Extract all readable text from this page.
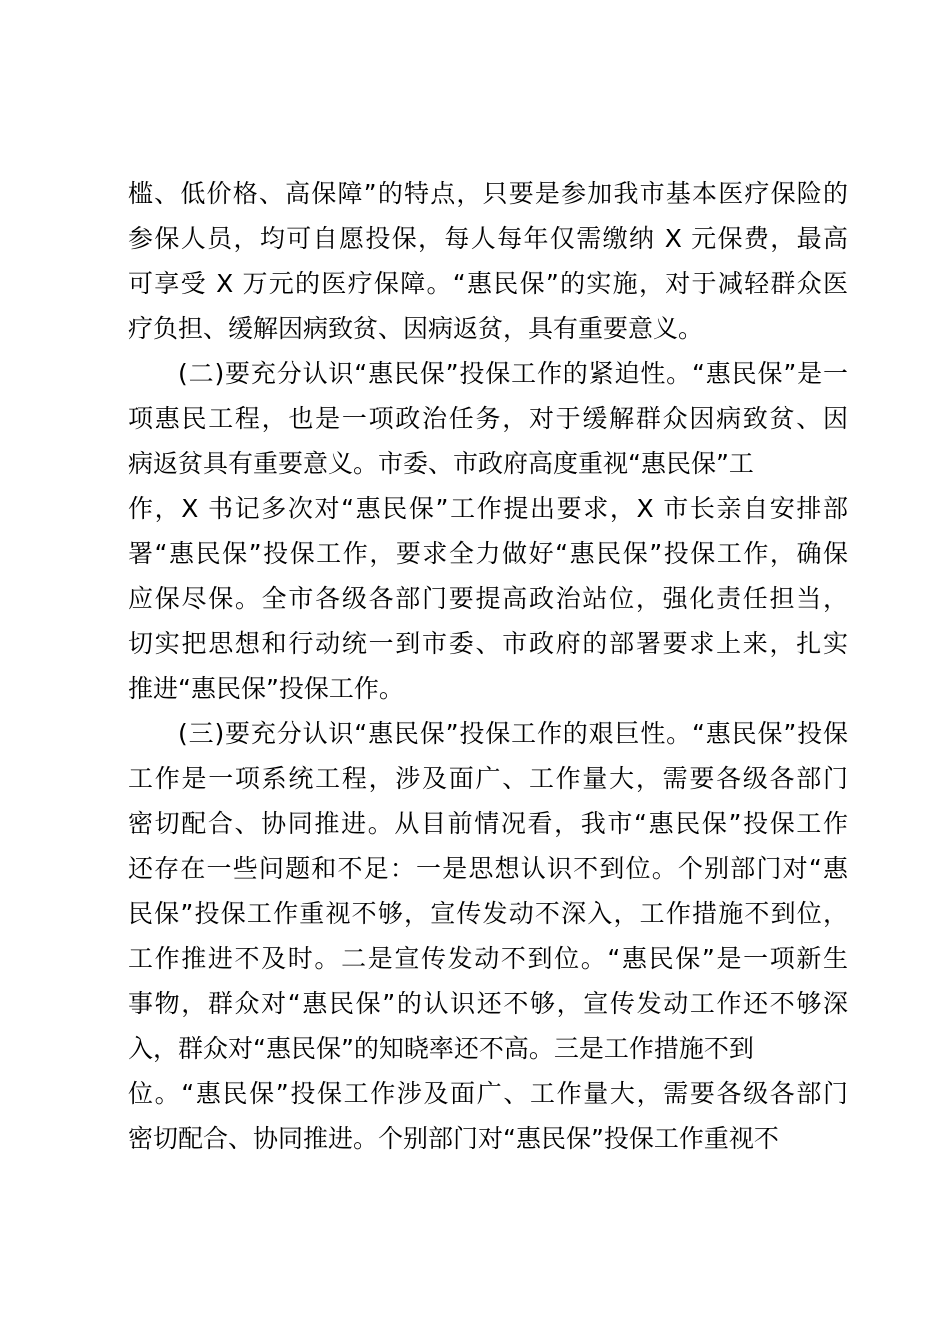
槛、低价格、高保障”的特点，只要是参加我市基本医疗保险的
参保人员，均可自愿投保，每人每年仅需缴纳 X 元保费，最高
可享受 X 万元的医疗保障。“惠民保”的实施，对于减轻群众医
疗负担、缓解因病致贫、因病返贫，具有重要意义。
(二)要充分认识“惠民保”投保工作的紧迫性。“惠民保”是一
项惠民工程，也是一项政治任务，对于缓解群众因病致贫、因
病返贫具有重要意义。市委、市政府高度重视“惠民保”工
作，X 书记多次对“惠民保”工作提出要求，X 市长亲自安排部
署“惠民保”投保工作，要求全力做好“惠民保”投保工作，确保
应保尽保。全市各级各部门要提高政治站位，强化责任担当，
切实把思想和行动统一到市委、市政府的部署要求上来，扎实
推进“惠民保”投保工作。
(三)要充分认识“惠民保”投保工作的艰巨性。“惠民保”投保
工作是一项系统工程，涉及面广、工作量大，需要各级各部门
密切配合、协同推进。从目前情况看，我市“惠民保”投保工作
还存在一些问题和不足：一是思想认识不到位。个别部门对“惠
民保”投保工作重视不够，宣传发动不深入，工作措施不到位，
工作推进不及时。二是宣传发动不到位。“惠民保”是一项新生
事物，群众对“惠民保”的认识还不够，宣传发动工作还不够深
入，群众对“惠民保”的知晓率还不高。三是工作措施不到
位。“惠民保”投保工作涉及面广、工作量大，需要各级各部门
密切配合、协同推进。个别部门对“惠民保”投保工作重视不
